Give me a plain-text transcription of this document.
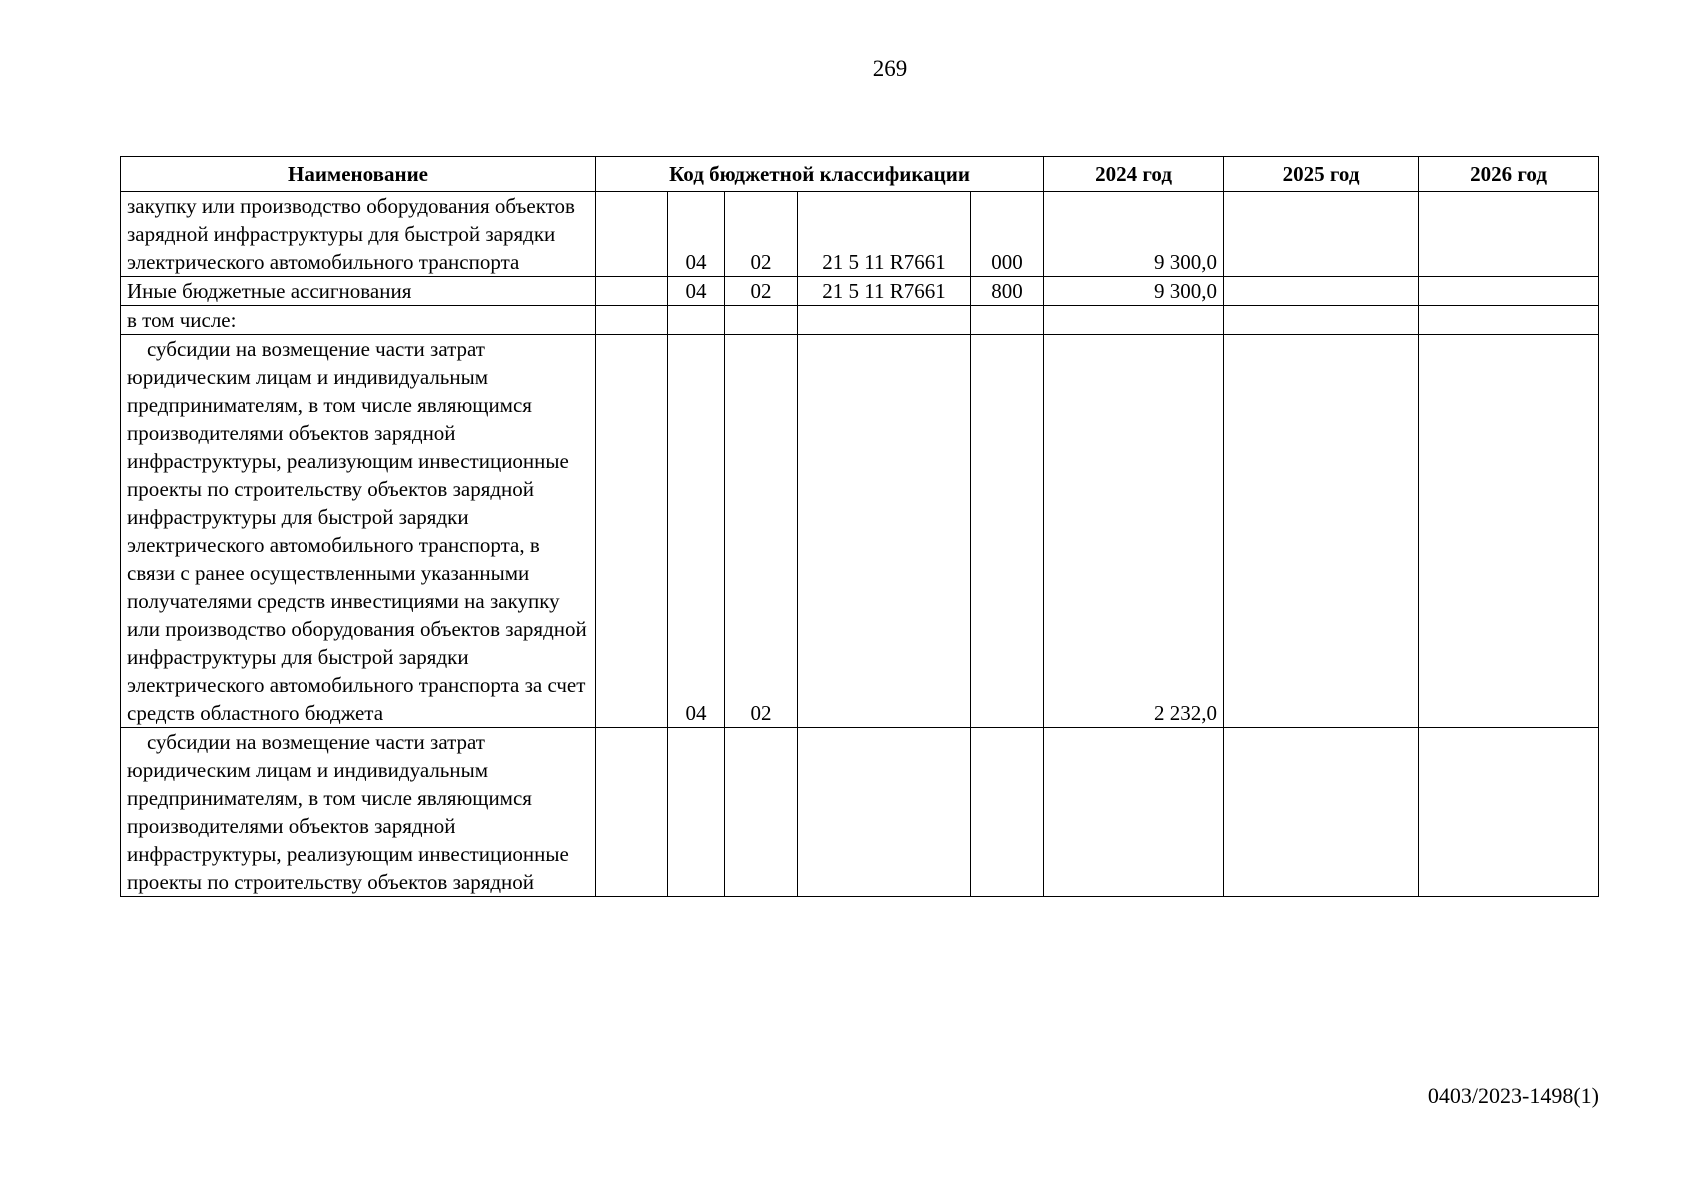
269
Наименование	Код бюджетной классификации					2024 год	2025 год	2026 год
закупку или производство оборудования объектов зарядной инфраструктуры для быстрой зарядки электрического автомобильного транспорта		04	02	21 5 11 R7661	000	9 300,0		
Иные бюджетные ассигнования		04	02	21 5 11 R7661	800	9 300,0		
в том числе:								
субсидии на возмещение части затрат юридическим лицам и индивидуальным предпринимателям, в том числе являющимся производителями объектов зарядной инфраструктуры, реализующим инвестиционные проекты по строительству объектов зарядной инфраструктуры для быстрой зарядки электрического автомобильного транспорта, в связи с ранее осуществленными указанными получателями средств инвестициями на закупку или производство оборудования объектов зарядной инфраструктуры для быстрой зарядки электрического автомобильного транспорта за счет средств областного бюджета		04	02			2 232,0		
субсидии на возмещение части затрат юридическим лицам и индивидуальным предпринимателям, в том числе являющимся производителями объектов зарядной инфраструктуры, реализующим инвестиционные проекты по строительству объектов зарядной								
0403/2023-1498(1)
